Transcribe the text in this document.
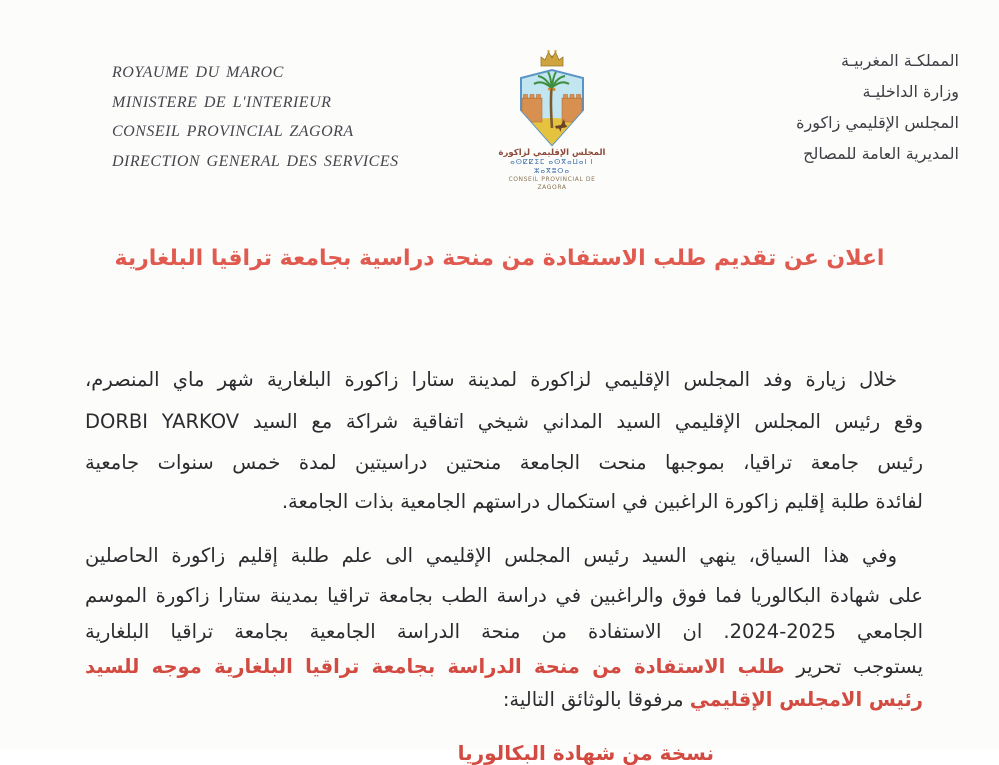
ROYAUME DU MAROC
MINISTERE DE L'INTERIEUR
CONSEIL PROVINCIAL ZAGORA
DIRECTION GENERAL DES SERVICES	المجلس الإقليمي لزاكورة
ⴰⵙⵇⵇⵉⵎ ⴰⵙⴳⴰⵡⴰⵏ ⵏ ⵣⴰⴳⵓⵔⴰ
CONSEIL PROVINCIAL DE ZAGORA
المملكـة المغربيـة
وزارة الداخليـة
المجلس الإقليمي زاكورة
المديرية العامة للمصالح
اعلان عن تقديم طلب الاستفادة من منحة دراسية بجامعة تراقيا البلغارية
خلال زيارة وفد المجلس الإقليمي لزاكورة لمدينة ستارا زاكورة البلغارية شهر ماي المنصرم،
وقع رئيس المجلس الإقليمي السيد المداني شيخي اتفاقية شراكة مع السيد DORBI YARKOV
رئيس جامعة تراقيا، بموجبها منحت الجامعة منحتين دراسيتين لمدة خمس سنوات جامعية
لفائدة طلبة إقليم زاكورة الراغبين في استكمال دراستهم الجامعية بذات الجامعة.
وفي هذا السياق، ينهي السيد رئيس المجلس الإقليمي الى علم طلبة إقليم زاكورة الحاصلين
على شهادة البكالوريا فما فوق والراغبين في دراسة الطب بجامعة تراقيا بمدينة ستارا زاكورة الموسم
الجامعي 2025-2024. ان الاستفادة من منحة الدراسة الجامعية بجامعة تراقيا البلغارية
يستوجب تحرير طلب الاستفادة من منحة الدراسة بجامعة تراقيا البلغارية موجه للسيد
رئيس الامجلس الإقليمي مرفوقا بالوثائق التالية:
نسخة من شهادة البكالوريا
